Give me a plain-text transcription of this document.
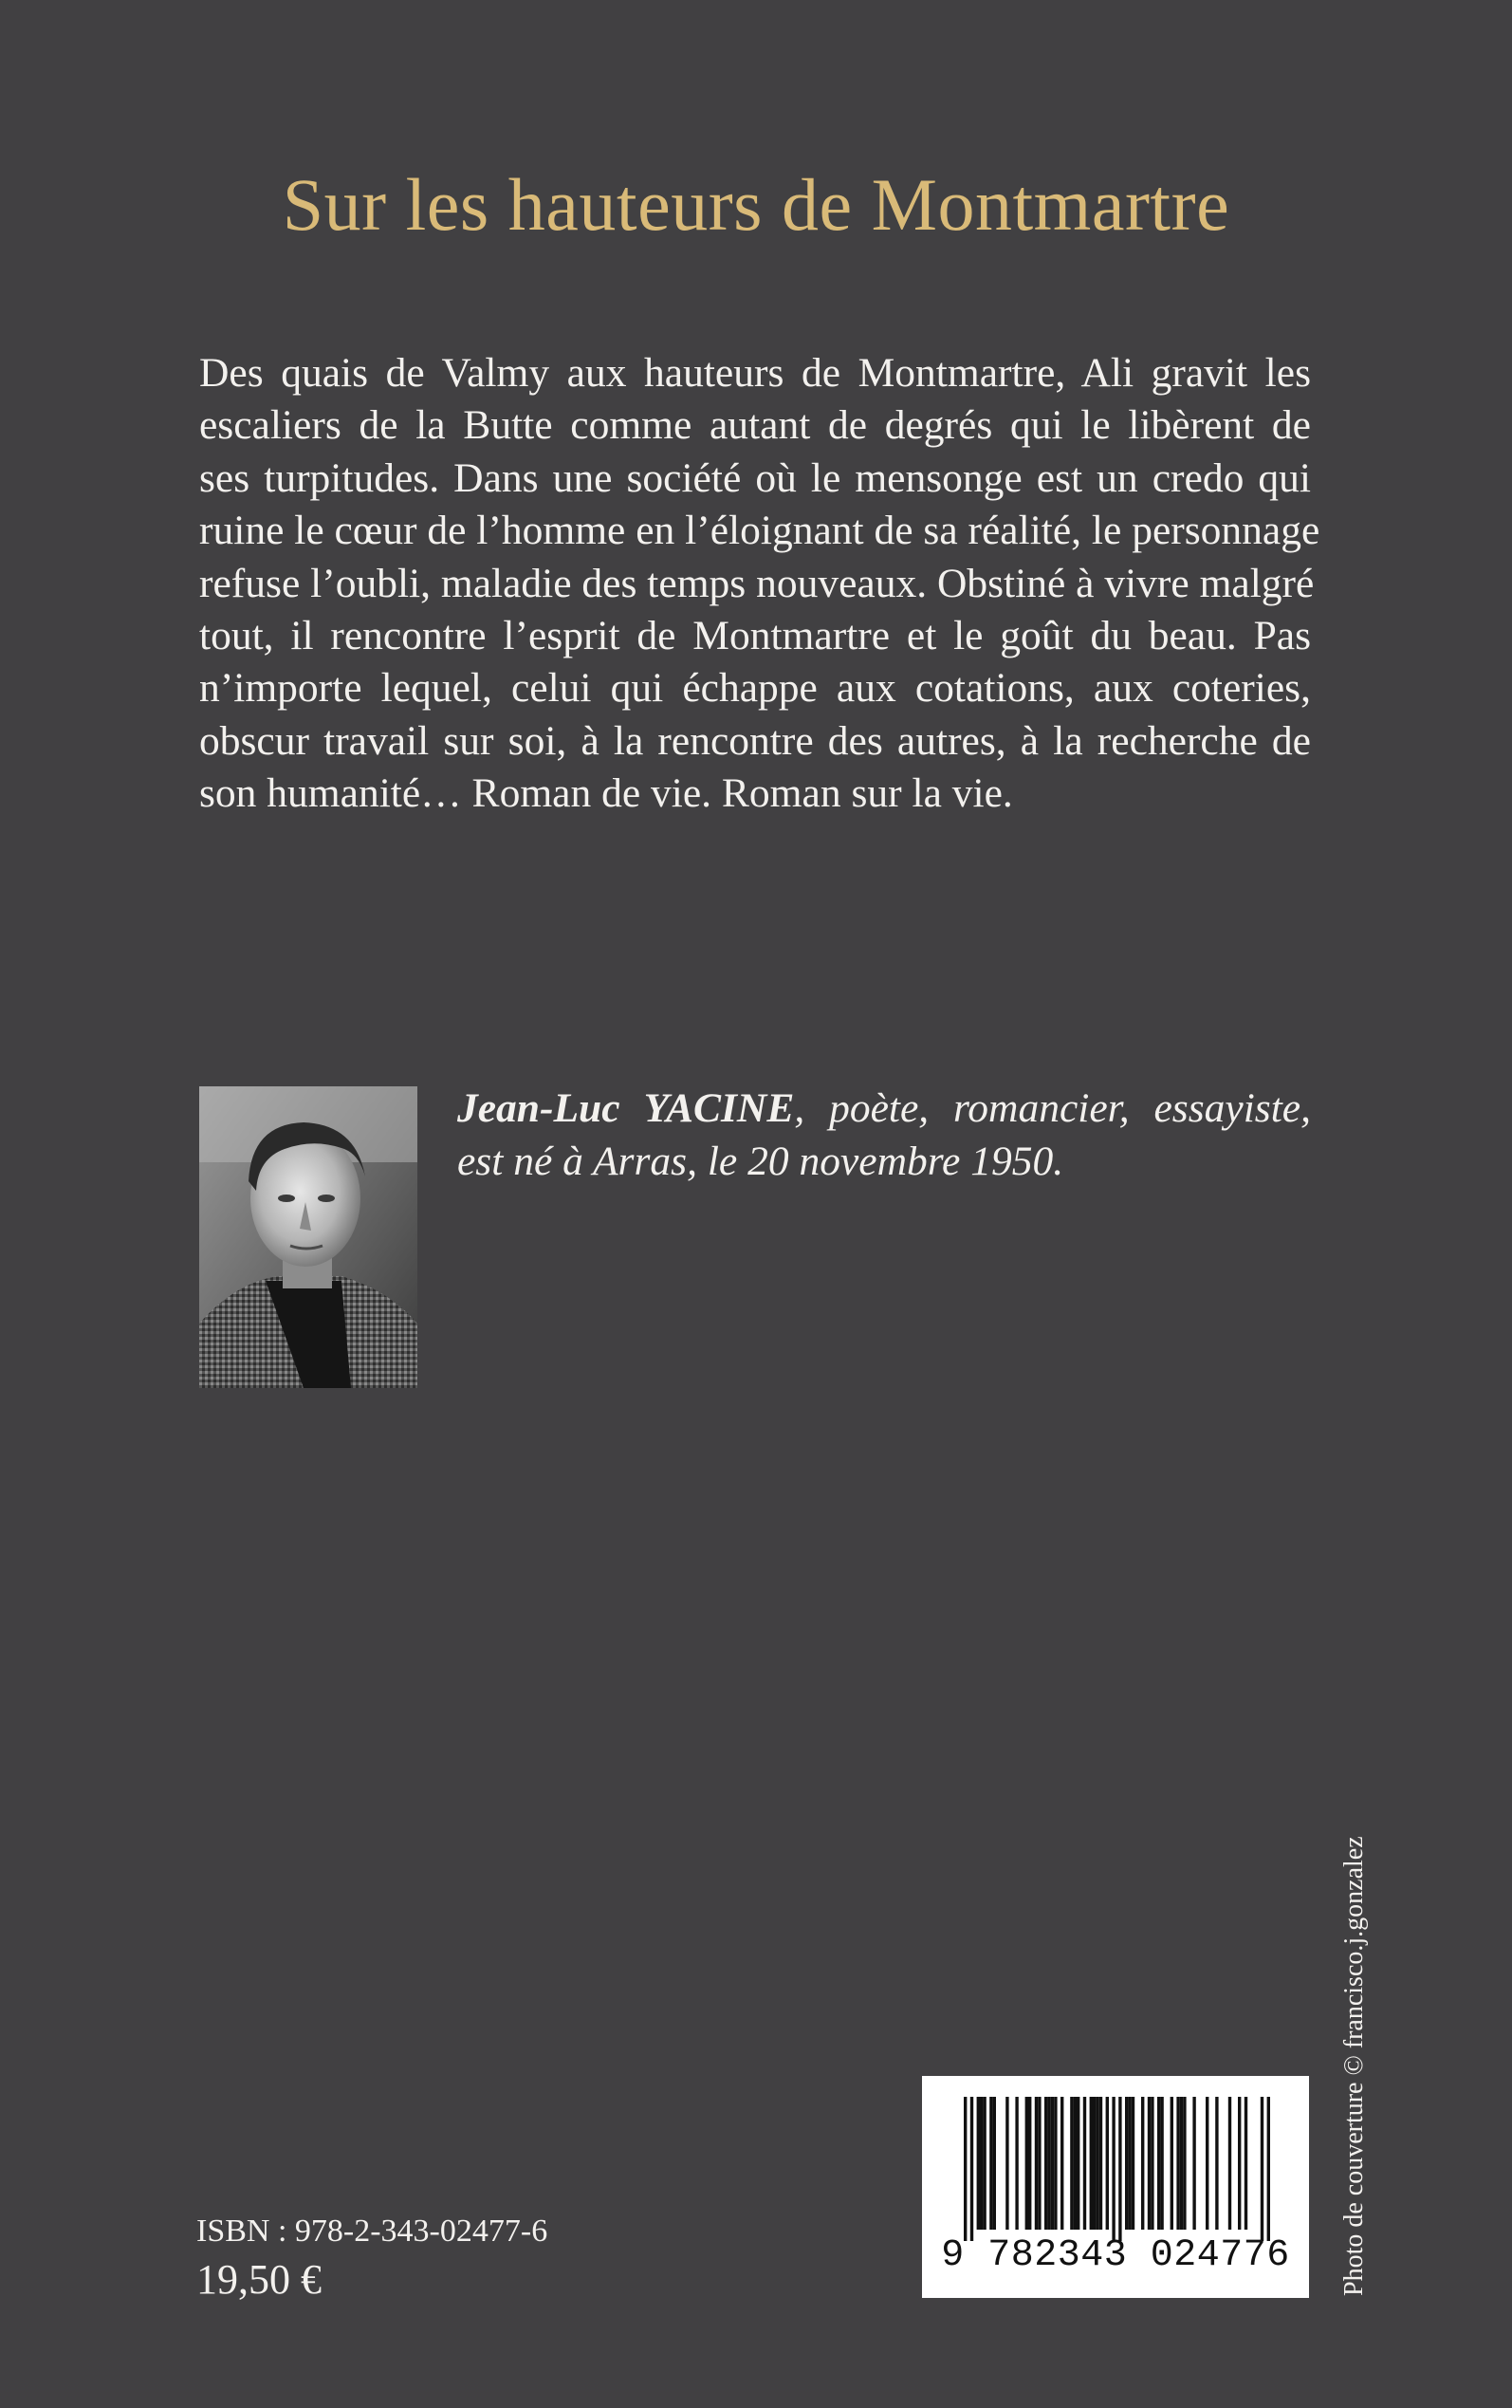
Sur les hauteurs de Montmartre
Des quais de Valmy aux hauteurs de Montmartre, Ali gravit les
escaliers de la Butte comme autant de degrés qui le libèrent de
ses turpitudes. Dans une société où le mensonge est un credo qui
ruine le cœur de l’homme en l’éloignant de sa réalité, le personnage
refuse l’oubli, maladie des temps nouveaux. Obstiné à vivre malgré
tout, il rencontre l’esprit de Montmartre et le goût du beau. Pas
n’importe lequel, celui qui échappe aux cotations, aux coteries,
obscur travail sur soi, à la rencontre des autres, à la recherche de
son humanité… Roman de vie. Roman sur la vie.
Jean-Luc YACINE, poète, romancier, essayiste,
est né à Arras, le 20 novembre 1950.
Photo de couverture © francisco.j.gonzalez
9 782343 024776
ISBN : 978-2-343-02477-6
19,50 €
